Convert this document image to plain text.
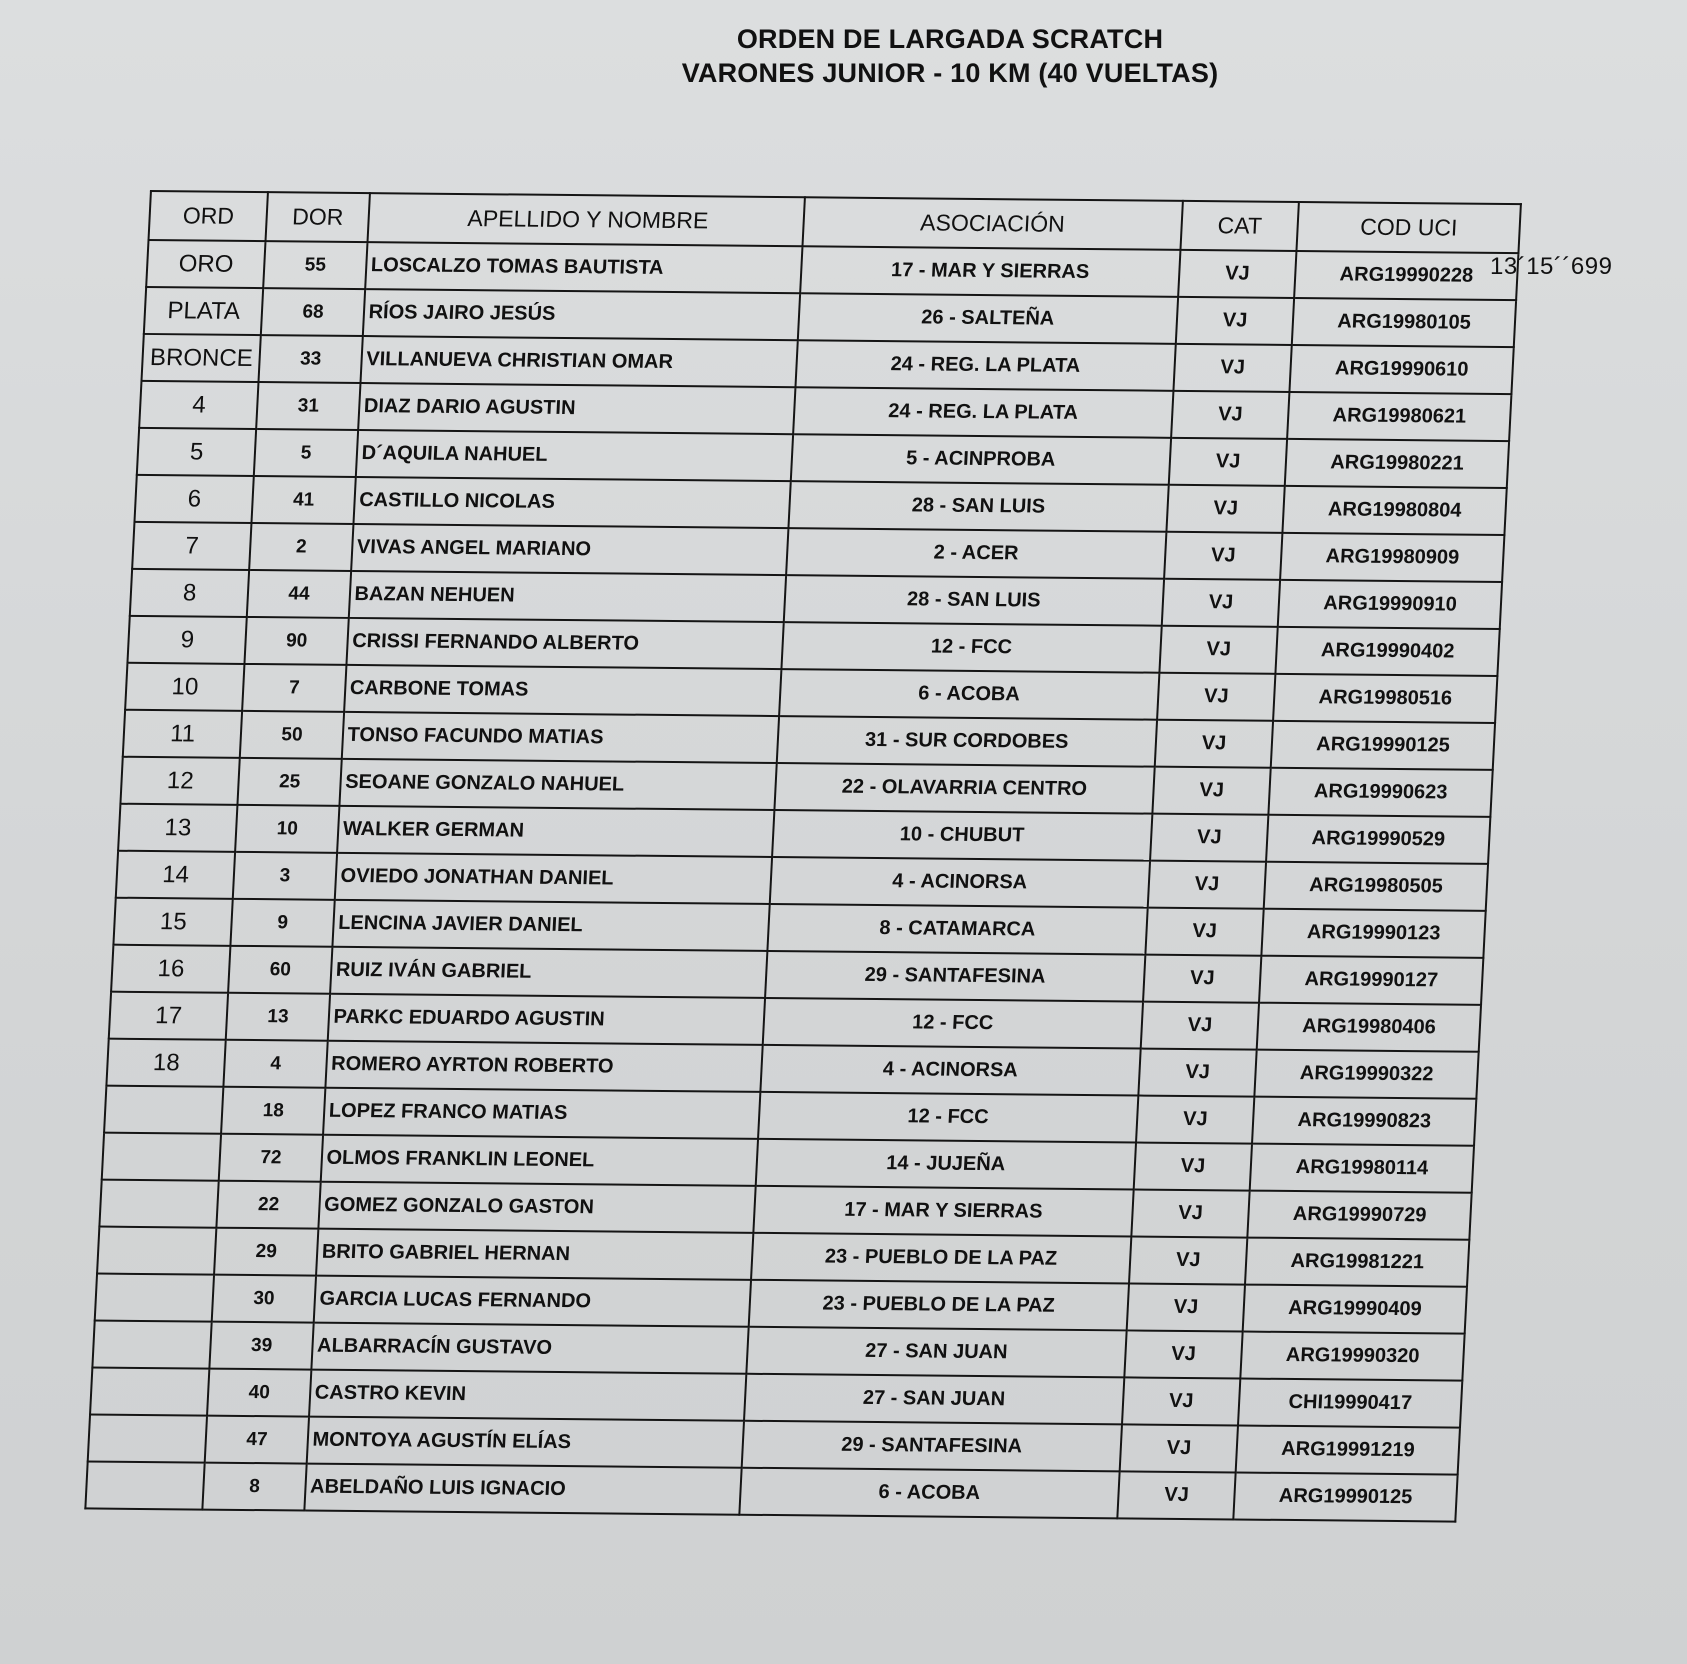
ORDEN DE LARGADA SCRATCH
VARONES JUNIOR - 10 KM (40 VUELTAS)
ORD	DOR	APELLIDO Y NOMBRE	ASOCIACIÓN	CAT	COD UCI
ORO	55	LOSCALZO TOMAS BAUTISTA	17 - MAR Y SIERRAS	VJ	ARG19990228
PLATA	68	RÍOS JAIRO JESÚS	26 - SALTEÑA	VJ	ARG19980105
BRONCE	33	VILLANUEVA CHRISTIAN OMAR	24 - REG. LA PLATA	VJ	ARG19990610
4	31	DIAZ DARIO AGUSTIN	24 - REG. LA PLATA	VJ	ARG19980621
5	5	D´AQUILA NAHUEL	5 - ACINPROBA	VJ	ARG19980221
6	41	CASTILLO NICOLAS	28 - SAN LUIS	VJ	ARG19980804
7	2	VIVAS ANGEL MARIANO	2 - ACER	VJ	ARG19980909
8	44	BAZAN NEHUEN	28 - SAN LUIS	VJ	ARG19990910
9	90	CRISSI FERNANDO ALBERTO	12 - FCC	VJ	ARG19990402
10	7	CARBONE TOMAS	6 - ACOBA	VJ	ARG19980516
11	50	TONSO FACUNDO MATIAS	31 - SUR CORDOBES	VJ	ARG19990125
12	25	SEOANE GONZALO NAHUEL	22 - OLAVARRIA CENTRO	VJ	ARG19990623
13	10	WALKER GERMAN	10 - CHUBUT	VJ	ARG19990529
14	3	OVIEDO JONATHAN DANIEL	4 - ACINORSA	VJ	ARG19980505
15	9	LENCINA JAVIER DANIEL	8 - CATAMARCA	VJ	ARG19990123
16	60	RUIZ IVÁN GABRIEL	29 - SANTAFESINA	VJ	ARG19990127
17	13	PARKC EDUARDO AGUSTIN	12 - FCC	VJ	ARG19980406
18	4	ROMERO AYRTON ROBERTO	4 - ACINORSA	VJ	ARG19990322
	18	LOPEZ FRANCO MATIAS	12 - FCC	VJ	ARG19990823
	72	OLMOS FRANKLIN LEONEL	14 - JUJEÑA	VJ	ARG19980114
	22	GOMEZ GONZALO GASTON	17 - MAR Y SIERRAS	VJ	ARG19990729
	29	BRITO GABRIEL HERNAN	23 - PUEBLO DE LA PAZ	VJ	ARG19981221
	30	GARCIA LUCAS FERNANDO	23 - PUEBLO DE LA PAZ	VJ	ARG19990409
	39	ALBARRACÍN GUSTAVO	27 - SAN JUAN	VJ	ARG19990320
	40	CASTRO KEVIN	27 - SAN JUAN	VJ	CHI19990417
	47	MONTOYA AGUSTÍN ELÍAS	29 - SANTAFESINA	VJ	ARG19991219
	8	ABELDAÑO LUIS IGNACIO	6 - ACOBA	VJ	ARG19990125
13´15´´699
